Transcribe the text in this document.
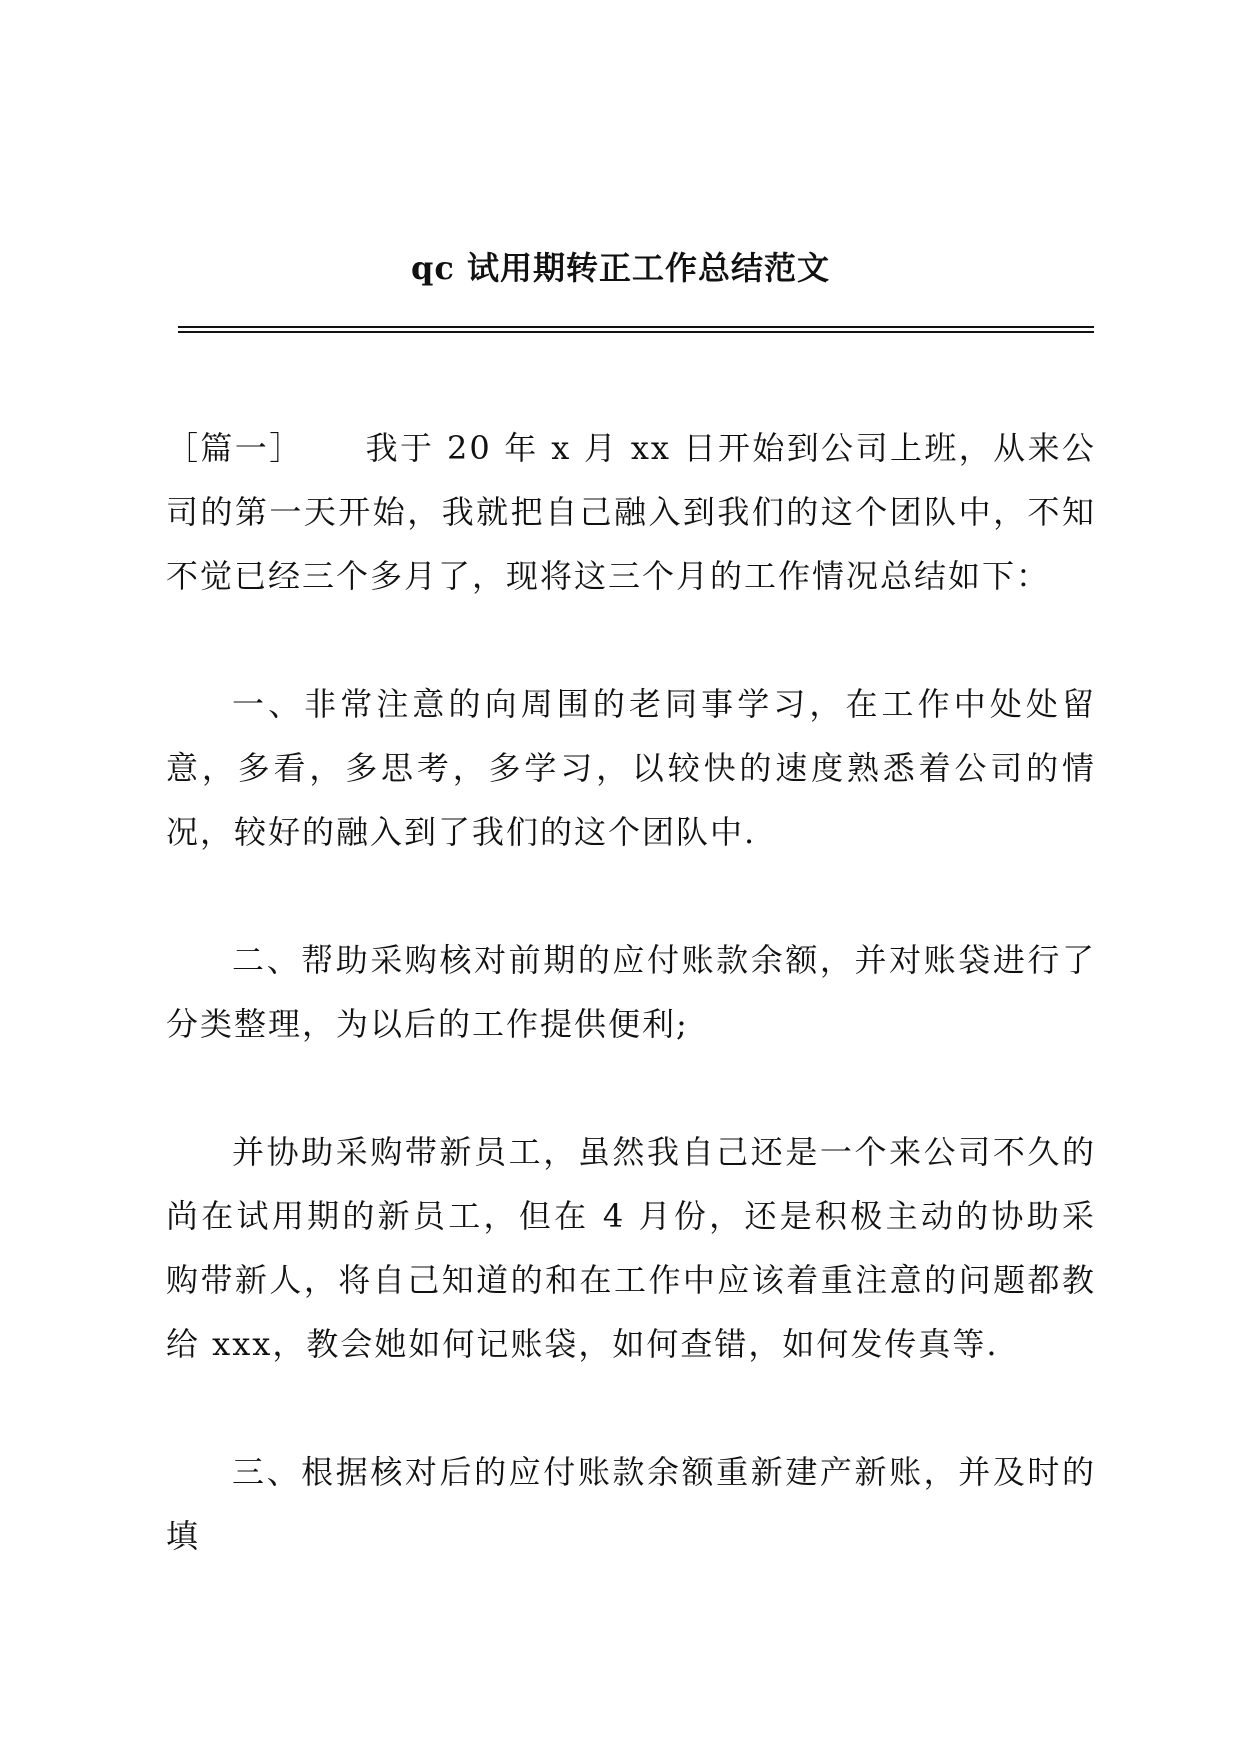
qc 试用期转正工作总结范文

［篇一］ 我于 20 年 x 月 xx 日开始到公司上班，从来公司的第一天开始，我就把自己融入到我们的这个团队中，不知不觉已经三个多月了，现将这三个月的工作情况总结如下：

一、非常注意的向周围的老同事学习，在工作中处处留意，多看，多思考，多学习，以较快的速度熟悉着公司的情况，较好的融入到了我们的这个团队中.

二、帮助采购核对前期的应付账款余额，并对账袋进行了分类整理，为以后的工作提供便利;

并协助采购带新员工，虽然我自己还是一个来公司不久的尚在试用期的新员工，但在 4 月份，还是积极主动的协助采购带新人，将自己知道的和在工作中应该着重注意的问题都教给 xxx，教会她如何记账袋，如何查错，如何发传真等.

三、根据核对后的应付账款余额重新建产新账，并及时的填
